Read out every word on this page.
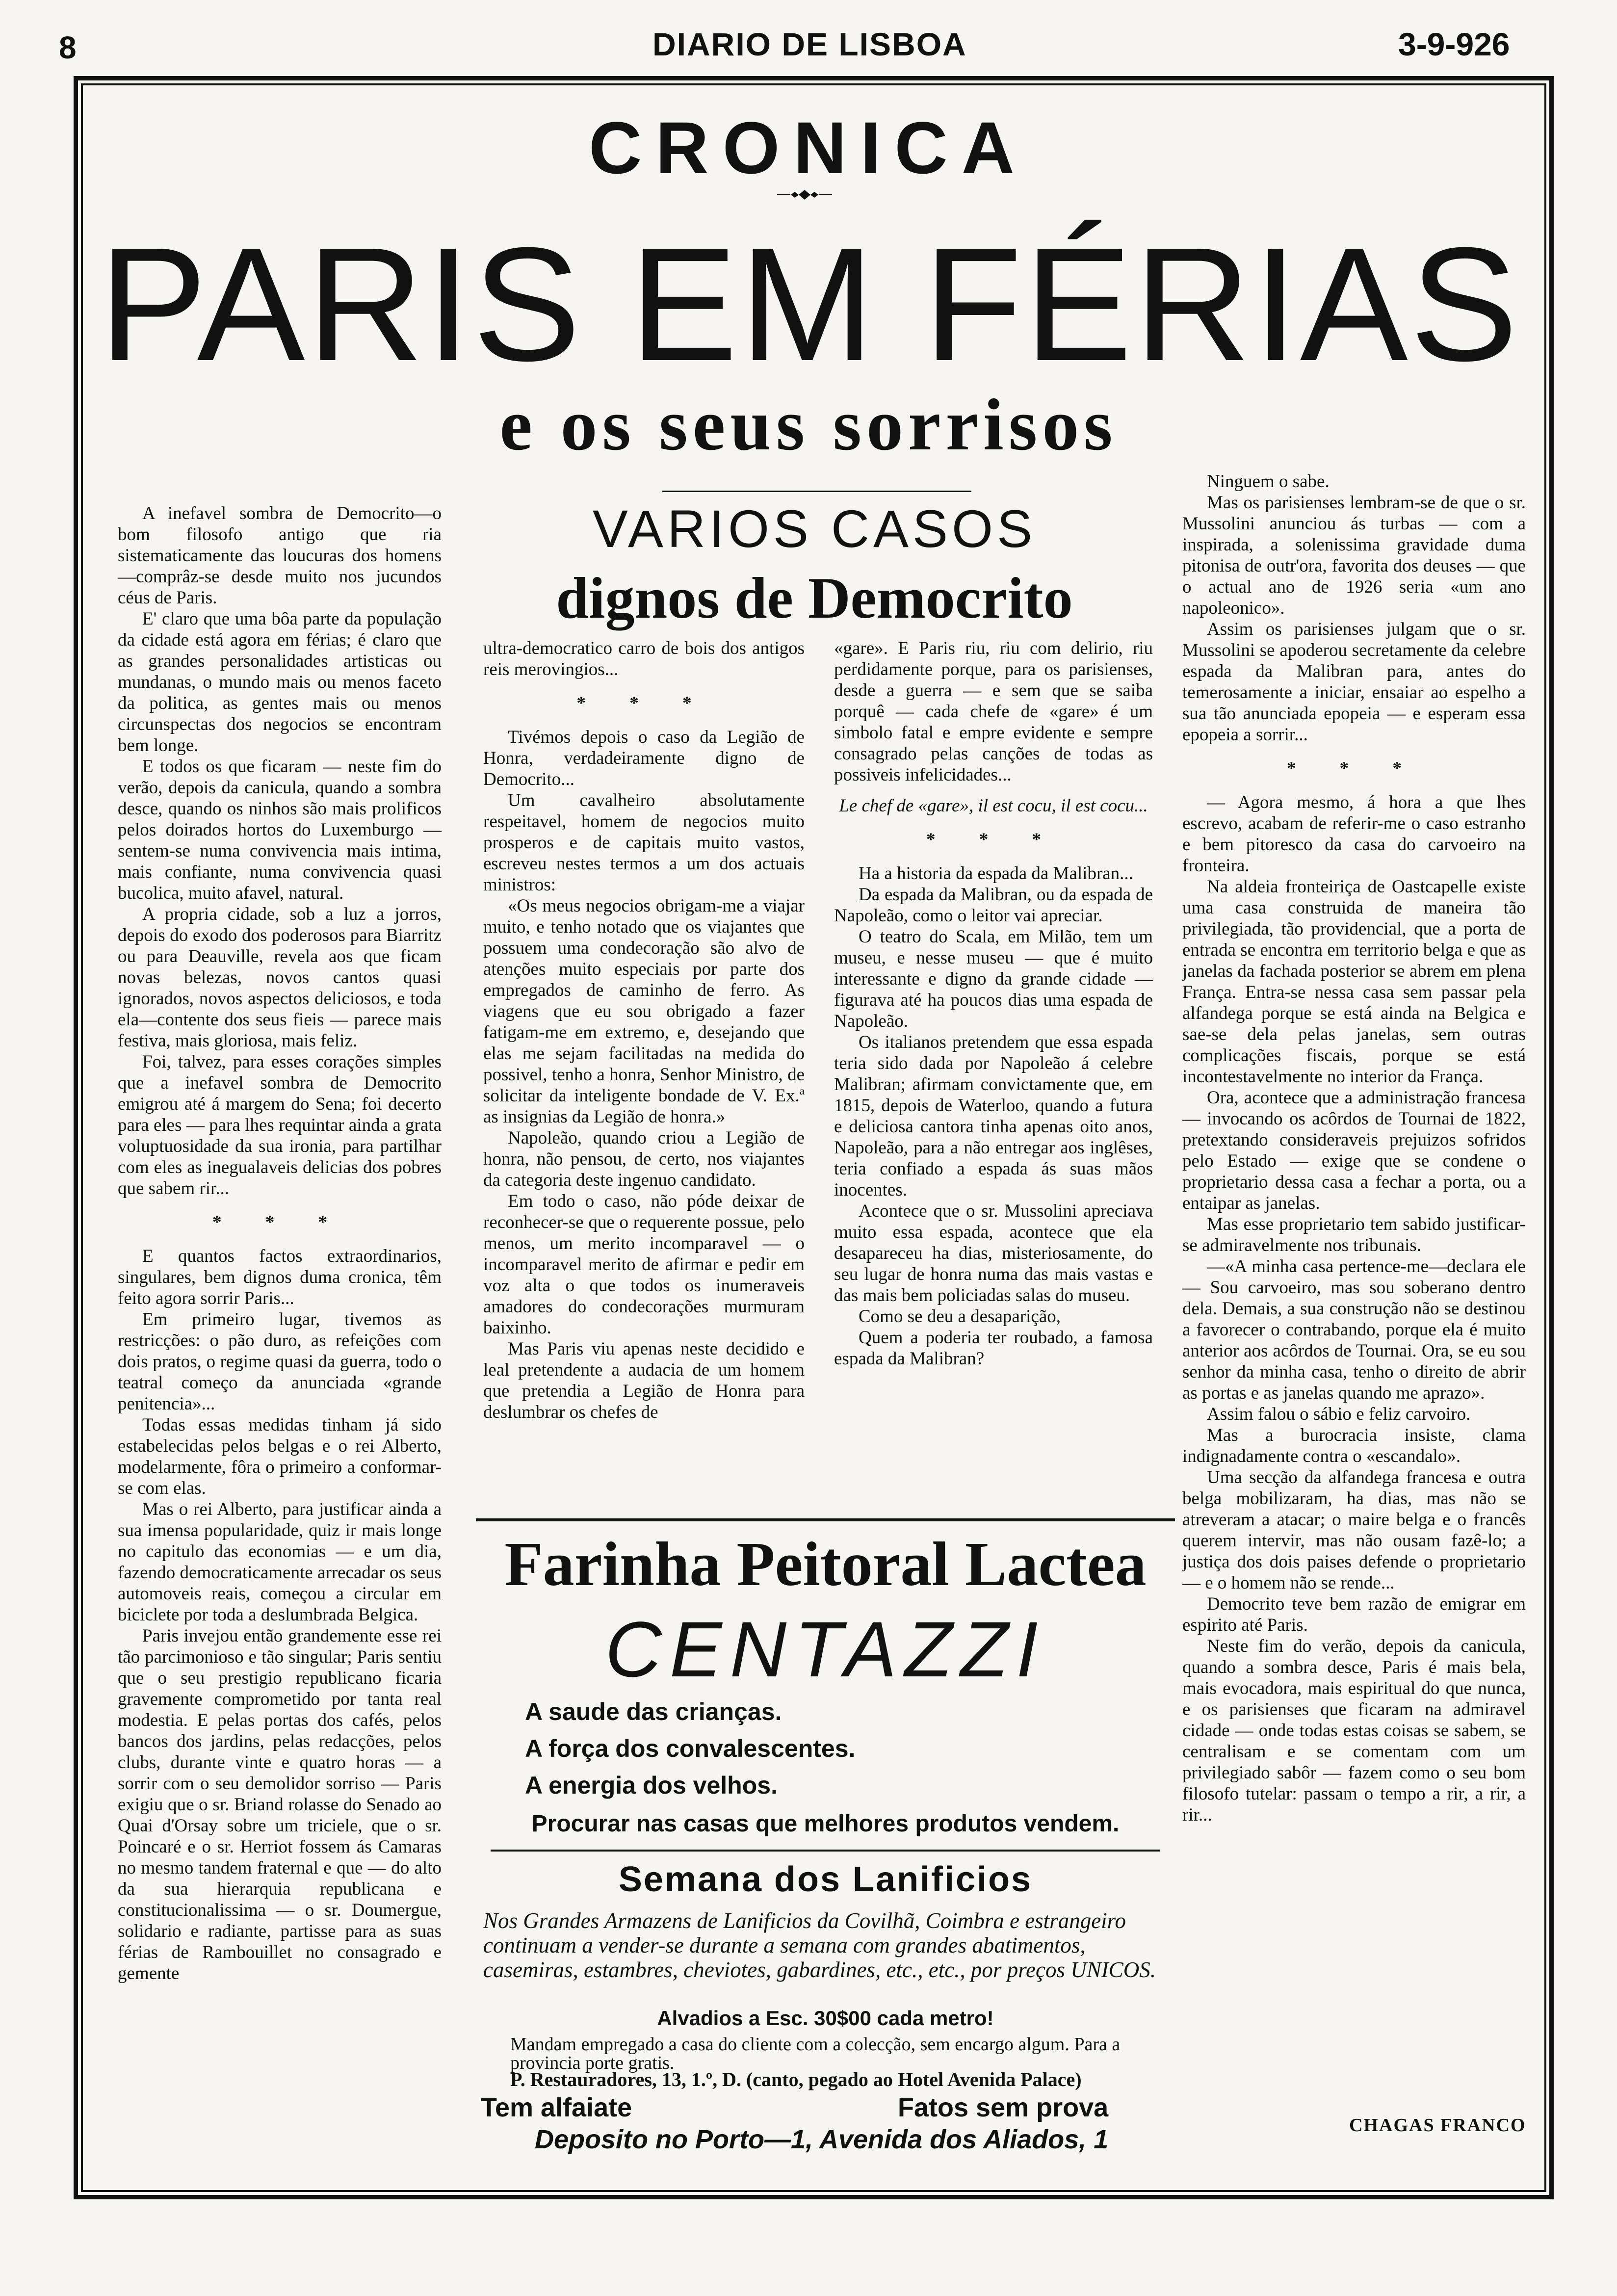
8	DIARIO DE LISBOA	3-9-926
CRONICA
PARIS EM FÉRIAS
e os seus sorrisos
VARIOS CASOS
dignos de Democrito

A inefavel sombra de Democrito—o bom filosofo antigo que ria sistematicamente das loucuras dos homens—comprâz-se desde muito nos jucundos céus de Paris.

E' claro que uma bôa parte da população da cidade está agora em férias; é claro que as grandes personalidades artisticas ou mundanas, o mundo mais ou menos faceto da politica, as gentes mais ou menos circunspectas dos negocios se encontram bem longe.

E todos os que ficaram — neste fim do verão, depois da canicula, quando a sombra desce, quando os ninhos são mais prolificos pelos doirados hortos do Luxemburgo — sentem-se numa convivencia mais intima, mais confiante, numa convivencia quasi bucolica, muito afavel, natural.

A propria cidade, sob a luz a jorros, depois do exodo dos poderosos para Biarritz ou para Deauville, revela aos que ficam novas belezas, novos cantos quasi ignorados, novos aspectos deliciosos, e toda ela—contente dos seus fieis — parece mais festiva, mais gloriosa, mais feliz.

Foi, talvez, para esses corações simples que a inefavel sombra de Democrito emigrou até á margem do Sena; foi decerto para eles — para lhes requintar ainda a grata voluptuosidade da sua ironia, para partilhar com eles as inegualaveis delicias dos pobres que sabem rir...

* * *

E quantos factos extraordinarios, singulares, bem dignos duma cronica, têm feito agora sorrir Paris...

Em primeiro lugar, tivemos as restricções: o pão duro, as refeições com dois pratos, o regime quasi da guerra, todo o teatral começo da anunciada «grande penitencia»...

Todas essas medidas tinham já sido estabelecidas pelos belgas e o rei Alberto, modelarmente, fôra o primeiro a conformar-se com elas.

Mas o rei Alberto, para justificar ainda a sua imensa popularidade, quiz ir mais longe no capitulo das economias — e um dia, fazendo democraticamente arrecadar os seus automoveis reais, começou a circular em biciclete por toda a deslumbrada Belgica.

Paris invejou então grandemente esse rei tão parcimonioso e tão singular; Paris sentiu que o seu prestigio republicano ficaria gravemente comprometido por tanta real modestia. E pelas portas dos cafés, pelos bancos dos jardins, pelas redacções, pelos clubs, durante vinte e quatro horas — a sorrir com o seu demolidor sorriso — Paris exigiu que o sr. Briand rolasse do Senado ao Quai d'Orsay sobre um triciele, que o sr. Poincaré e o sr. Herriot fossem ás Camaras no mesmo tandem fraternal e que — do alto da sua hierarquia republicana e constitucionalissima — o sr. Doumergue, solidario e radiante, partisse para as suas férias de Rambouillet no consagrado e gemente

ultra-democratico carro de bois dos antigos reis merovingios...

* * *

Tivémos depois o caso da Legião de Honra, verdadeiramente digno de Democrito...

Um cavalheiro absolutamente respeitavel, homem de negocios muito prosperos e de capitais muito vastos, escreveu nestes termos a um dos actuais ministros:

«Os meus negocios obrigam-me a viajar muito, e tenho notado que os viajantes que possuem uma condecoração são alvo de atenções muito especiais por parte dos empregados de caminho de ferro. As viagens que eu sou obrigado a fazer fatigam-me em extremo, e, desejando que elas me sejam facilitadas na medida do possivel, tenho a honra, Senhor Ministro, de solicitar da inteligente bondade de V. Ex.ª as insignias da Legião de honra.»

Napoleão, quando criou a Legião de honra, não pensou, de certo, nos viajantes da categoria deste ingenuo candidato.

Em todo o caso, não póde deixar de reconhecer-se que o requerente possue, pelo menos, um merito incomparavel — o incomparavel merito de afirmar e pedir em voz alta o que todos os inumeraveis amadores do condecorações murmuram baixinho.

Mas Paris viu apenas neste decidido e leal pretendente a audacia de um homem que pretendia a Legião de Honra para deslumbrar os chefes de

«gare». E Paris riu, riu com delirio, riu perdidamente porque, para os parisienses, desde a guerra — e sem que se saiba porquê — cada chefe de «gare» é um simbolo fatal e empre evidente e sempre consagrado pelas canções de todas as possiveis infelicidades...

Le chef de «gare», il est cocu, il est cocu...

* * *

Ha a historia da espada da Malibran...

Da espada da Malibran, ou da espada de Napoleão, como o leitor vai apreciar.

O teatro do Scala, em Milão, tem um museu, e nesse museu — que é muito interessante e digno da grande cidade — figurava até ha poucos dias uma espada de Napoleão.

Os italianos pretendem que essa espada teria sido dada por Napoleão á celebre Malibran; afirmam convictamente que, em 1815, depois de Waterloo, quando a futura e deliciosa cantora tinha apenas oito anos, Napoleão, para a não entregar aos inglêses, teria confiado a espada ás suas mãos inocentes.

Acontece que o sr. Mussolini apreciava muito essa espada, acontece que ela desapareceu ha dias, misteriosamente, do seu lugar de honra numa das mais vastas e das mais bem policiadas salas do museu.

Como se deu a desaparição,

Quem a poderia ter roubado, a famosa espada da Malibran?

Ninguem o sabe.

Mas os parisienses lembram-se de que o sr. Mussolini anunciou ás turbas — com a inspirada, a solenissima gravidade duma pitonisa de outr'ora, favorita dos deuses — que o actual ano de 1926 seria «um ano napoleonico».

Assim os parisienses julgam que o sr. Mussolini se apoderou secretamente da celebre espada da Malibran para, antes do temerosamente a iniciar, ensaiar ao espelho a sua tão anunciada epopeia — e esperam essa epopeia a sorrir...

* * *

— Agora mesmo, á hora a que lhes escrevo, acabam de referir-me o caso estranho e bem pitoresco da casa do carvoeiro na fronteira.

Na aldeia fronteiriça de Oastcapelle existe uma casa construida de maneira tão privilegiada, tão providencial, que a porta de entrada se encontra em territorio belga e que as janelas da fachada posterior se abrem em plena França. Entra-se nessa casa sem passar pela alfandega porque se está ainda na Belgica e sae-se dela pelas janelas, sem outras complicações fiscais, porque se está incontestavelmente no interior da França.

Ora, acontece que a administração francesa — invocando os acôrdos de Tournai de 1822, pretextando consideraveis prejuizos sofridos pelo Estado — exige que se condene o proprietario dessa casa a fechar a porta, ou a entaipar as janelas.

Mas esse proprietario tem sabido justificar-se admiravelmente nos tribunais.

—«A minha casa pertence-me—declara ele — Sou carvoeiro, mas sou soberano dentro dela. Demais, a sua construção não se destinou a favorecer o contrabando, porque ela é muito anterior aos acôrdos de Tournai. Ora, se eu sou senhor da minha casa, tenho o direito de abrir as portas e as janelas quando me aprazo».

Assim falou o sábio e feliz carvoiro.

Mas a burocracia insiste, clama indignadamente contra o «escandalo».

Uma secção da alfandega francesa e outra belga mobilizaram, ha dias, mas não se atreveram a atacar; o maire belga e o francês querem intervir, mas não ousam fazê-lo; a justiça dos dois paises defende o proprietario — e o homem não se rende...

Democrito teve bem razão de emigrar em espirito até Paris.

Neste fim do verão, depois da canicula, quando a sombra desce, Paris é mais bela, mais evocadora, mais espiritual do que nunca, e os parisienses que ficaram na admiravel cidade — onde todas estas coisas se sabem, se centralisam e se comentam com um privilegiado sabôr — fazem como o seu bom filosofo tutelar: passam o tempo a rir, a rir, a rir...

CHAGAS FRANCO
Farinha Peitoral Lactea
CENTAZZI
A saude das crianças.
A força dos convalescentes.
A energia dos velhos.
Procurar nas casas que melhores produtos vendem.
Semana dos Lanificios
Nos Grandes Armazens de Lanificios da Covilhã, Coimbra e estrangeiro continuam a vender-se durante a semana com grandes abatimentos, casemiras, estambres, cheviotes, gabardines, etc., etc., por preços UNICOS.
Alvadios a Esc. 30$00 cada metro!
Mandam empregado a casa do cliente com a colecção, sem encargo algum. Para a provincia porte gratis.
P. Restauradores, 13, 1.º, D. (canto, pegado ao Hotel Avenida Palace)
Tem alfaiate	Fatos sem prova
Deposito no Porto—1, Avenida dos Aliados, 1
